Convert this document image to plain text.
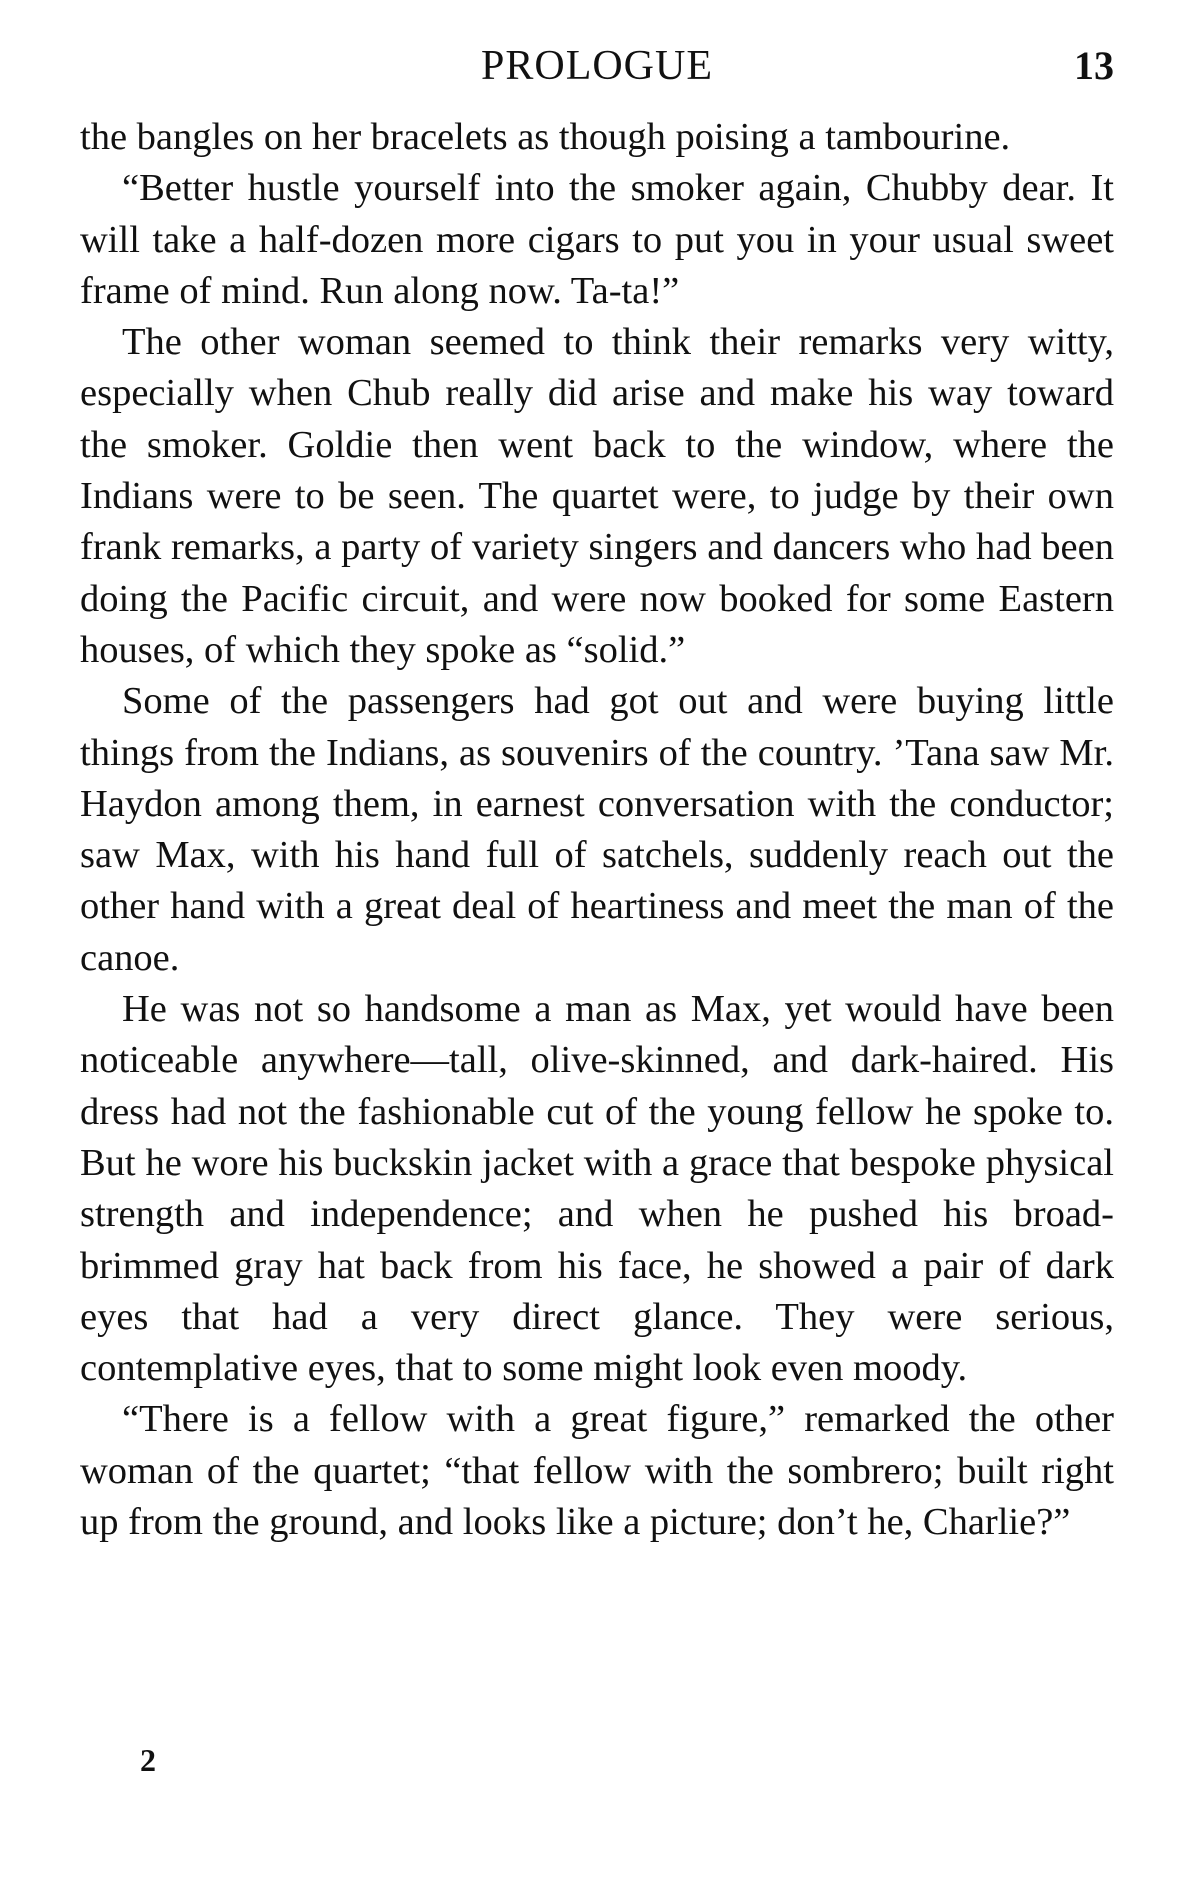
PROLOGUE	13

the bangles on her bracelets as though poising a tambourine.

“Better hustle yourself into the smoker again, Chubby dear. It will take a half-dozen more cigars to put you in your usual sweet frame of mind. Run along now. Ta-ta!”

The other woman seemed to think their remarks very witty, especially when Chub really did arise and make his way toward the smoker. Goldie then went back to the window, where the Indians were to be seen. The quartet were, to judge by their own frank remarks, a party of variety singers and dancers who had been doing the Pacific circuit, and were now booked for some Eastern houses, of which they spoke as “solid.”

Some of the passengers had got out and were buying little things from the Indians, as souvenirs of the country. ’Tana saw Mr. Haydon among them, in earnest conversation with the conductor; saw Max, with his hand full of satchels, suddenly reach out the other hand with a great deal of heartiness and meet the man of the canoe.

He was not so handsome a man as Max, yet would have been noticeable anywhere—tall, olive-skinned, and dark-haired. His dress had not the fashionable cut of the young fellow he spoke to. But he wore his buckskin jacket with a grace that bespoke physical strength and independence; and when he pushed his broad-brimmed gray hat back from his face, he showed a pair of dark eyes that had a very direct glance. They were serious, contemplative eyes, that to some might look even moody.

“There is a fellow with a great figure,” remarked the other woman of the quartet; “that fellow with the sombrero; built right up from the ground, and looks like a picture; don’t he, Charlie?”

2
